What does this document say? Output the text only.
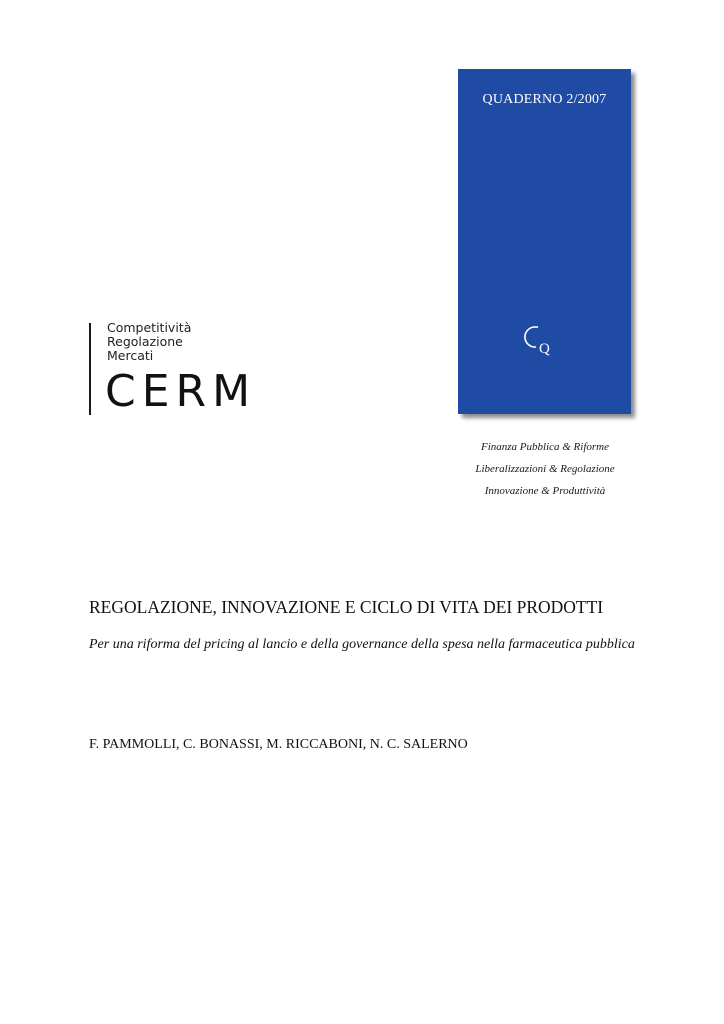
Competitività
Regolazione
Mercati
CERM
QUADERNO 2/2007
Q
Finanza Pubblica & Riforme
Liberalizzazioni & Regolazione
Innovazione & Produttività
REGOLAZIONE, INNOVAZIONE E CICLO DI VITA DEI PRODOTTI
Per una riforma del pricing al lancio e della governance della spesa nella farmaceutica pubblica
F. PAMMOLLI, C. BONASSI, M. RICCABONI, N. C. SALERNO
